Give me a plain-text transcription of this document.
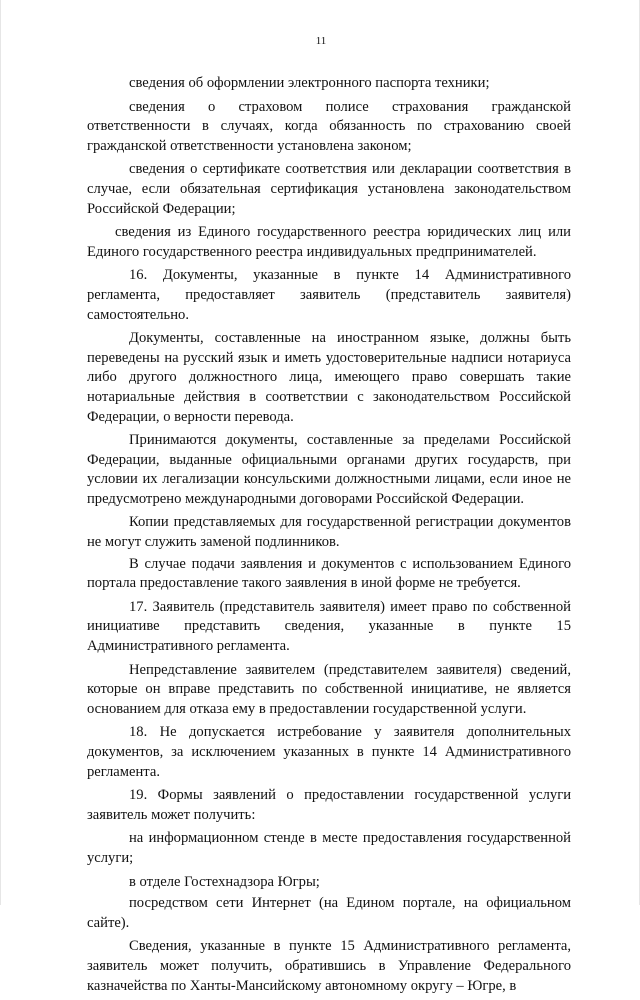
11

сведения об оформлении электронного паспорта техники;

сведения о страховом полисе страхования гражданской ответственности в случаях, когда обязанность по страхованию своей гражданской ответственности установлена законом;

сведения о сертификате соответствия или декларации соответствия в случае, если обязательная сертификация установлена законодательством Российской Федерации;

сведения из Единого государственного реестра юридических лиц или Единого государственного реестра индивидуальных предпринимателей.

16. Документы, указанные в пункте 14 Административного регламента, предоставляет заявитель (представитель заявителя) самостоятельно.

Документы, составленные на иностранном языке, должны быть переведены на русский язык и иметь удостоверительные надписи нотариуса либо другого должностного лица, имеющего право совершать такие нотариальные действия в соответствии с законодательством Российской Федерации, о верности перевода.

Принимаются документы, составленные за пределами Российской Федерации, выданные официальными органами других государств, при условии их легализации консульскими должностными лицами, если иное не предусмотрено международными договорами Российской Федерации.

Копии представляемых для государственной регистрации документов не могут служить заменой подлинников.

В случае подачи заявления и документов с использованием Единого портала предоставление такого заявления в иной форме не требуется.

17. Заявитель (представитель заявителя) имеет право по собственной инициативе представить сведения, указанные в пункте 15 Административного регламента.

Непредставление заявителем (представителем заявителя) сведений, которые он вправе представить по собственной инициативе, не является основанием для отказа ему в предоставлении государственной услуги.

18. Не допускается истребование у заявителя дополнительных документов, за исключением указанных в пункте 14 Административного регламента.

19. Формы заявлений о предоставлении государственной услуги заявитель может получить:

на информационном стенде в месте предоставления государственной услуги;

в отделе Гостехнадзора Югры;

посредством сети Интернет (на Едином портале, на официальном сайте).

Сведения, указанные в пункте 15 Административного регламента, заявитель может получить, обратившись в Управление Федерального казначейства по Ханты-Мансийскому автономному округу – Югре, в
